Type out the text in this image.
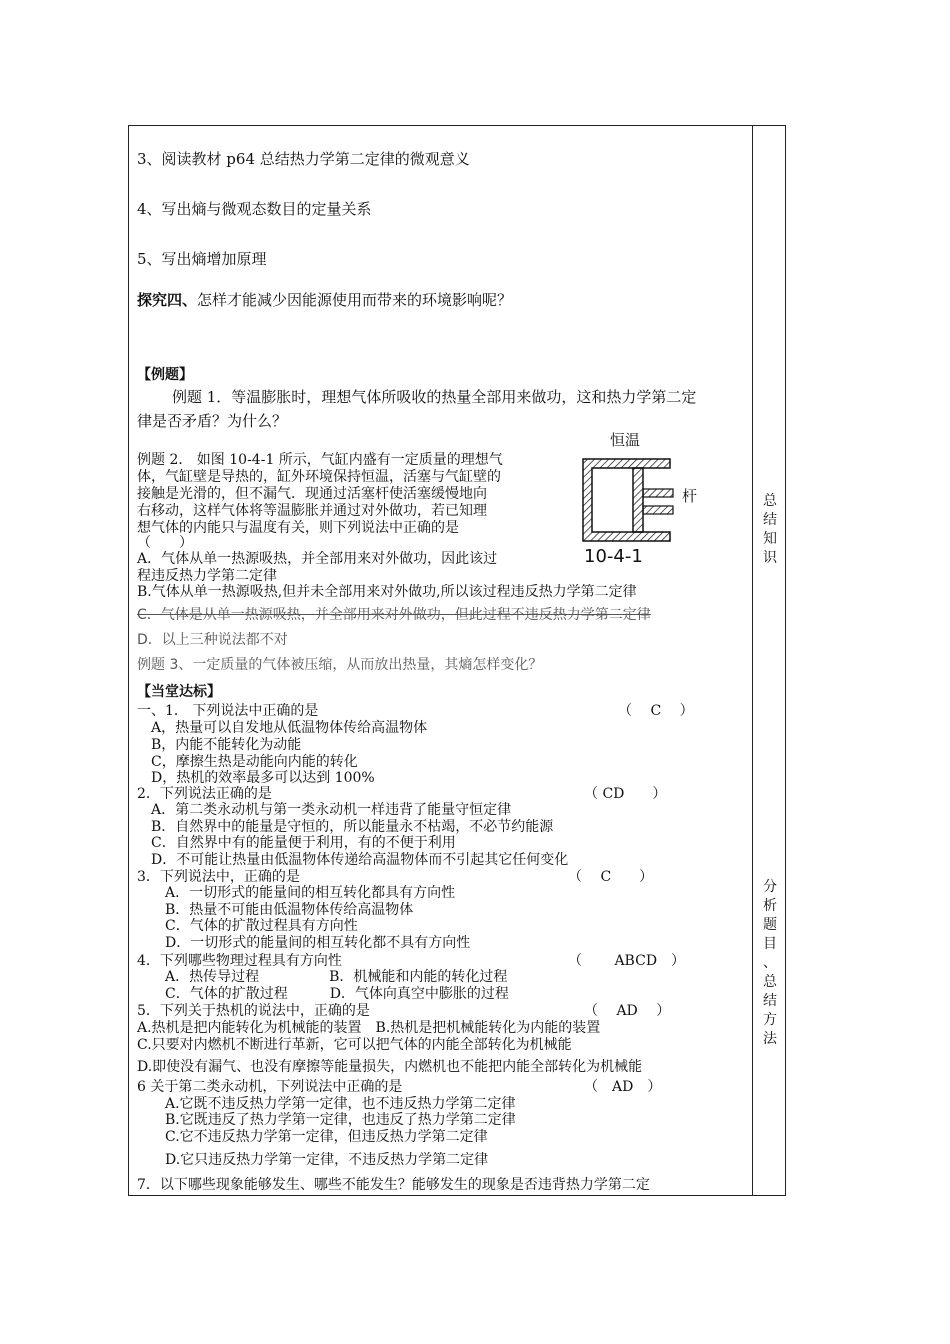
3、阅读教材 p64 总结热力学第二定律的微观意义
4、写出熵与微观态数目的定量关系
5、写出熵增加原理
探究四、怎样才能减少因能源使用而带来的环境影响呢？
【例题】
例题 1．等温膨胀时，理想气体所吸收的热量全部用来做功，这和热力学第二定
律是否矛盾？为什么？
例题 2． 如图 10-4-1 所示，气缸内盛有一定质量的理想气
体，气缸壁是导热的，缸外环境保持恒温，活塞与气缸壁的
接触是光滑的，但不漏气．现通过活塞杆使活塞缓慢地向
右移动，这样气体将等温膨胀并通过对外做功，若已知理
想气体的内能只与温度有关，则下列说法中正确的是
（　　）
A．气体从单一热源吸热，并全部用来对外做功，因此该过
程违反热力学第二定律
B.气体从单一热源吸热,但并未全部用来对外做功,所以该过程违反热力学第二定律
C．气体是从单一热源吸热，并全部用来对外做功，但此过程不违反热力学第二定律
D．以上三种说法都不对
例题 3、一定质量的气体被压缩，从而放出热量，其熵怎样变化？
恒温
杆
10-4-1
【当堂达标】
一、1． 下列说法中正确的是	（　 C　 ）
　A，热量可以自发地从低温物体传给高温物体
　B，内能不能转化为动能
　C，摩擦生热是动能向内能的转化
　D，热机的效率最多可以达到 100%
2．下列说法正确的是	（ CD　　）
　A．第二类永动机与第一类永动机一样违背了能量守恒定律
　B．自然界中的能量是守恒的，所以能量永不枯竭，不必节约能源
　C．自然界中有的能量便于利用，有的不便于利用
　D．不可能让热量由低温物体传递给高温物体而不引起其它任何变化
3．下列说法中，正确的是	（　 C　　）
　　A．一切形式的能量间的相互转化都具有方向性
　　B．热量不可能由低温物体传给高温物体
　　C．气体的扩散过程具有方向性
　　D．一切形式的能量间的相互转化都不具有方向性
4．下列哪些物理过程具有方向性	（　　 ABCD　）
　　A．热传导过程　　　　　B．机械能和内能的转化过程
　　C．气体的扩散过程　　　D．气体向真空中膨胀的过程
5．下列关于热机的说法中，正确的是	（　 AD　 ）
A.热机是把内能转化为机械能的装置　B.热机是把机械能转化为内能的装置
C.只要对内燃机不断进行革新，它可以把气体的内能全部转化为机械能
D.即使没有漏气、也没有摩擦等能量损失，内燃机也不能把内能全部转化为机械能
6 关于第二类永动机，下列说法中正确的是	（　AD　）
　　A.它既不违反热力学第一定律，也不违反热力学第二定律
　　B.它既违反了热力学第一定律，也违反了热力学第二定律
　　C.它不违反热力学第一定律，但违反热力学第二定律
　　D.它只违反热力学第一定律，不违反热力学第二定律
7．以下哪些现象能够发生、哪些不能发生？能够发生的现象是否违背热力学第二定
总
结
知
识
分
析
题
目
、
总
结
方
法
